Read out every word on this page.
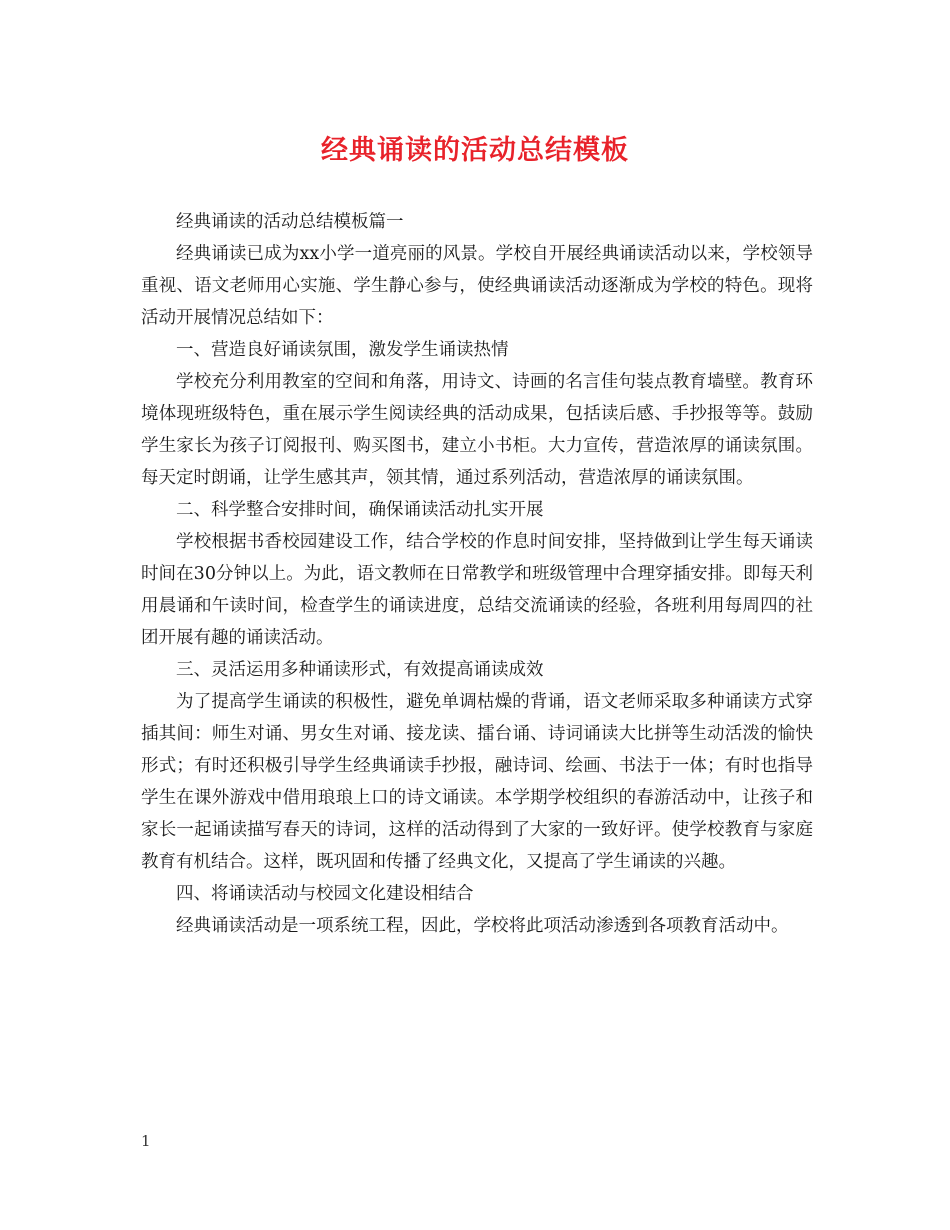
经典诵读的活动总结模板

经典诵读的活动总结模板篇一

经典诵读已成为xx小学一道亮丽的风景。学校自开展经典诵读活动以来，学校领导重视、语文老师用心实施、学生静心参与，使经典诵读活动逐渐成为学校的特色。现将活动开展情况总结如下：

一、营造良好诵读氛围，激发学生诵读热情

学校充分利用教室的空间和角落，用诗文、诗画的名言佳句装点教育墙壁。教育环境体现班级特色，重在展示学生阅读经典的活动成果，包括读后感、手抄报等等。鼓励学生家长为孩子订阅报刊、购买图书，建立小书柜。大力宣传，营造浓厚的诵读氛围。每天定时朗诵，让学生感其声，领其情，通过系列活动，营造浓厚的诵读氛围。

二、科学整合安排时间，确保诵读活动扎实开展

学校根据书香校园建设工作，结合学校的作息时间安排，坚持做到让学生每天诵读时间在30分钟以上。为此，语文教师在日常教学和班级管理中合理穿插安排。即每天利用晨诵和午读时间，检查学生的诵读进度，总结交流诵读的经验，各班利用每周四的社团开展有趣的诵读活动。

三、灵活运用多种诵读形式，有效提高诵读成效

为了提高学生诵读的积极性，避免单调枯燥的背诵，语文老师采取多种诵读方式穿插其间：师生对诵、男女生对诵、接龙读、擂台诵、诗词诵读大比拼等生动活泼的愉快形式；有时还积极引导学生经典诵读手抄报，融诗词、绘画、书法于一体；有时也指导学生在课外游戏中借用琅琅上口的诗文诵读。本学期学校组织的春游活动中，让孩子和家长一起诵读描写春天的诗词，这样的活动得到了大家的一致好评。使学校教育与家庭教育有机结合。这样，既巩固和传播了经典文化，又提高了学生诵读的兴趣。

四、将诵读活动与校园文化建设相结合

经典诵读活动是一项系统工程，因此，学校将此项活动渗透到各项教育活动中。

1
